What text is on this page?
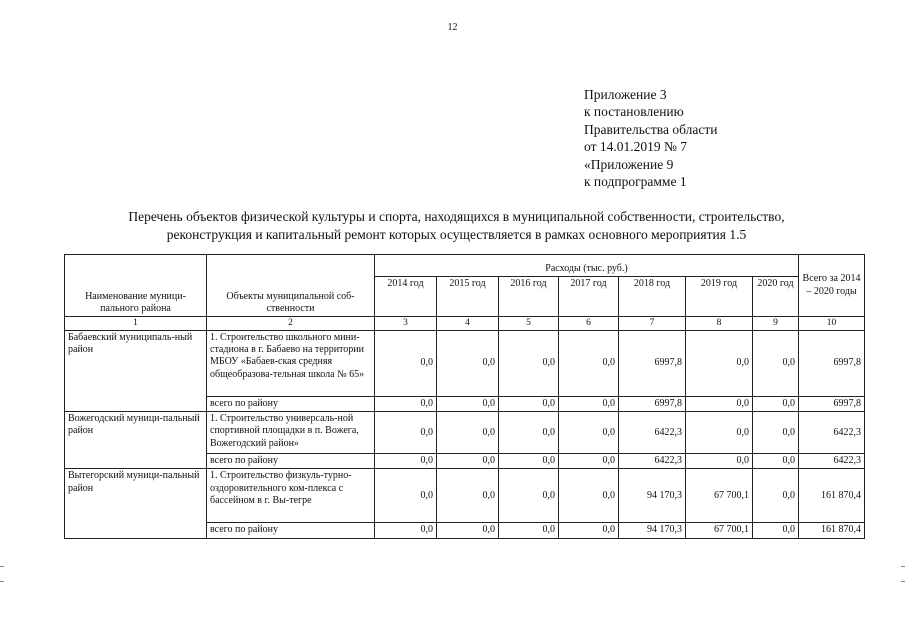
12
Приложение 3
к постановлению
Правительства области
от 14.01.2019 № 7
«Приложение 9
к подпрограмме 1
Перечень объектов физической культуры и спорта, находящихся в муниципальной собственности, строительство,
реконструкция и капитальный ремонт которых осуществляется в рамках основного мероприятия 1.5
Наименование муници-пального района	Объекты муниципальной соб-ственности	Расходы (тыс. руб.)							Всего за 2014 – 2020 годы
		2014 год	2015 год	2016 год	2017 год	2018 год	2019 год	2020 год	
1	2	3	4	5	6	7	8	9	10
Бабаевский муниципаль-ный район	1. Строительство школьного мини-стадиона в г. Бабаево на территории МБОУ «Бабаев-ская средняя общеобразова-тельная школа № 65»	0,0	0,0	0,0	0,0	6997,8	0,0	0,0	6997,8
	всего по району	0,0	0,0	0,0	0,0	6997,8	0,0	0,0	6997,8
Вожегодский муници-пальный район	1. Строительство универсаль-ной спортивной площадки в п. Вожега, Вожегодский район»	0,0	0,0	0,0	0,0	6422,3	0,0	0,0	6422,3
	всего по району	0,0	0,0	0,0	0,0	6422,3	0,0	0,0	6422,3
Вытегорский муници-пальный район	1. Строительство физкуль-турно-оздоровительного ком-плекса с бассейном в г. Вы-тегре	0,0	0,0	0,0	0,0	94 170,3	67 700,1	0,0	161 870,4
	всего по району	0,0	0,0	0,0	0,0	94 170,3	67 700,1	0,0	161 870,4
